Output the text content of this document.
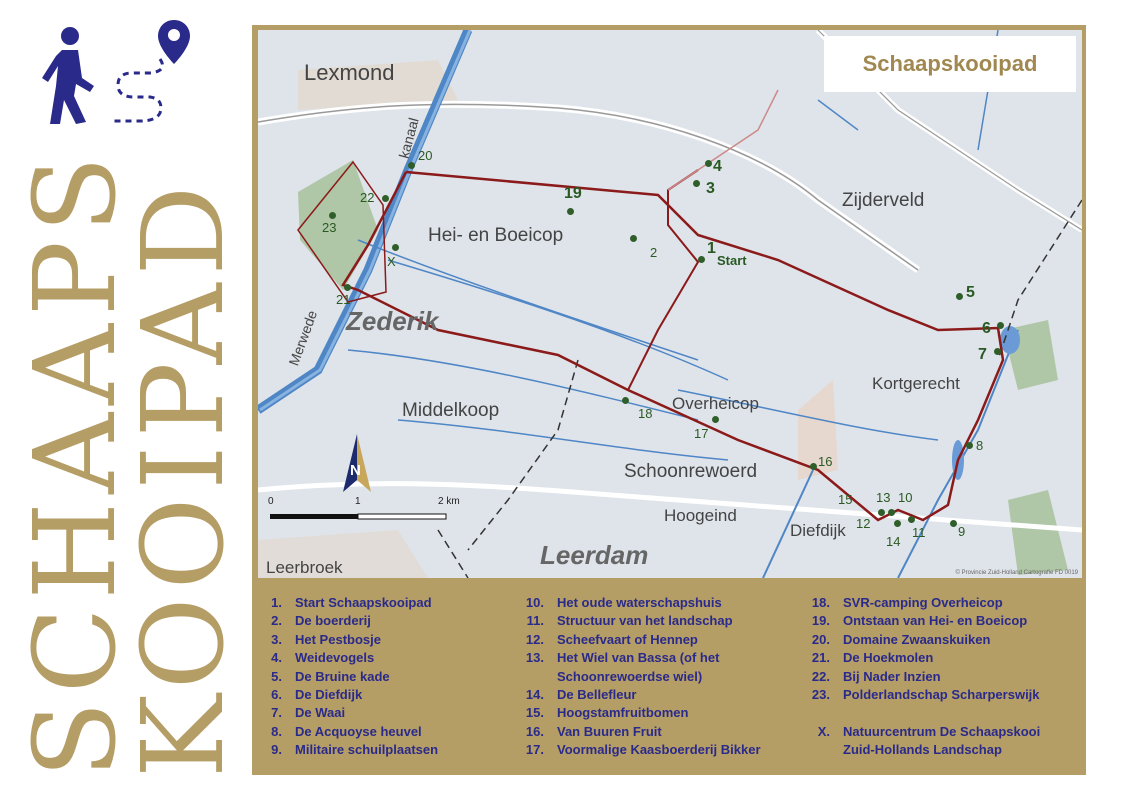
SCHAAPS
KOOIPAD
Lexmond
kanaal
Hei- en Boeicop
Zijderveld
Zederik
Merwede
Middelkoop	Overheicop
Kortgerecht
Schoonrewoerd
Hoogeind
Diefdijk
Leerdam
Leerbroek
Schaapskooipad
1
Start
2
3
4
5
6
7
8
9
10
11
12
13
14
15
16
17
18
19
20
21
22
23
X
N
0	1	2 km
© Provincie Zuid-Holland Cartografie FD 0019
1. Start Schaapskooipad
2. De boerderij
3. Het Pestbosje
4. Weidevogels
5. De Bruine kade
6. De Diefdijk
7. De Waai
8. De Acquoyse heuvel
9. Militaire schuilplaatsen
10. Het oude waterschapshuis
11. Structuur van het landschap
12. Scheefvaart of Hennep
13. Het Wiel van Bassa (of het
Schoonrewoerdse wiel)
14. De Bellefleur
15. Hoogstamfruitbomen
16. Van Buuren Fruit
17. Voormalige Kaasboerderij Bikker
18. SVR-camping Overheicop
19. Ontstaan van Hei- en Boeicop
20. Domaine Zwaanskuiken
21. De Hoekmolen
22. Bij Nader Inzien
23. Polderlandschap Scharperswijk
X. Natuurcentrum De Schaapskooi
Zuid-Hollands Landschap
